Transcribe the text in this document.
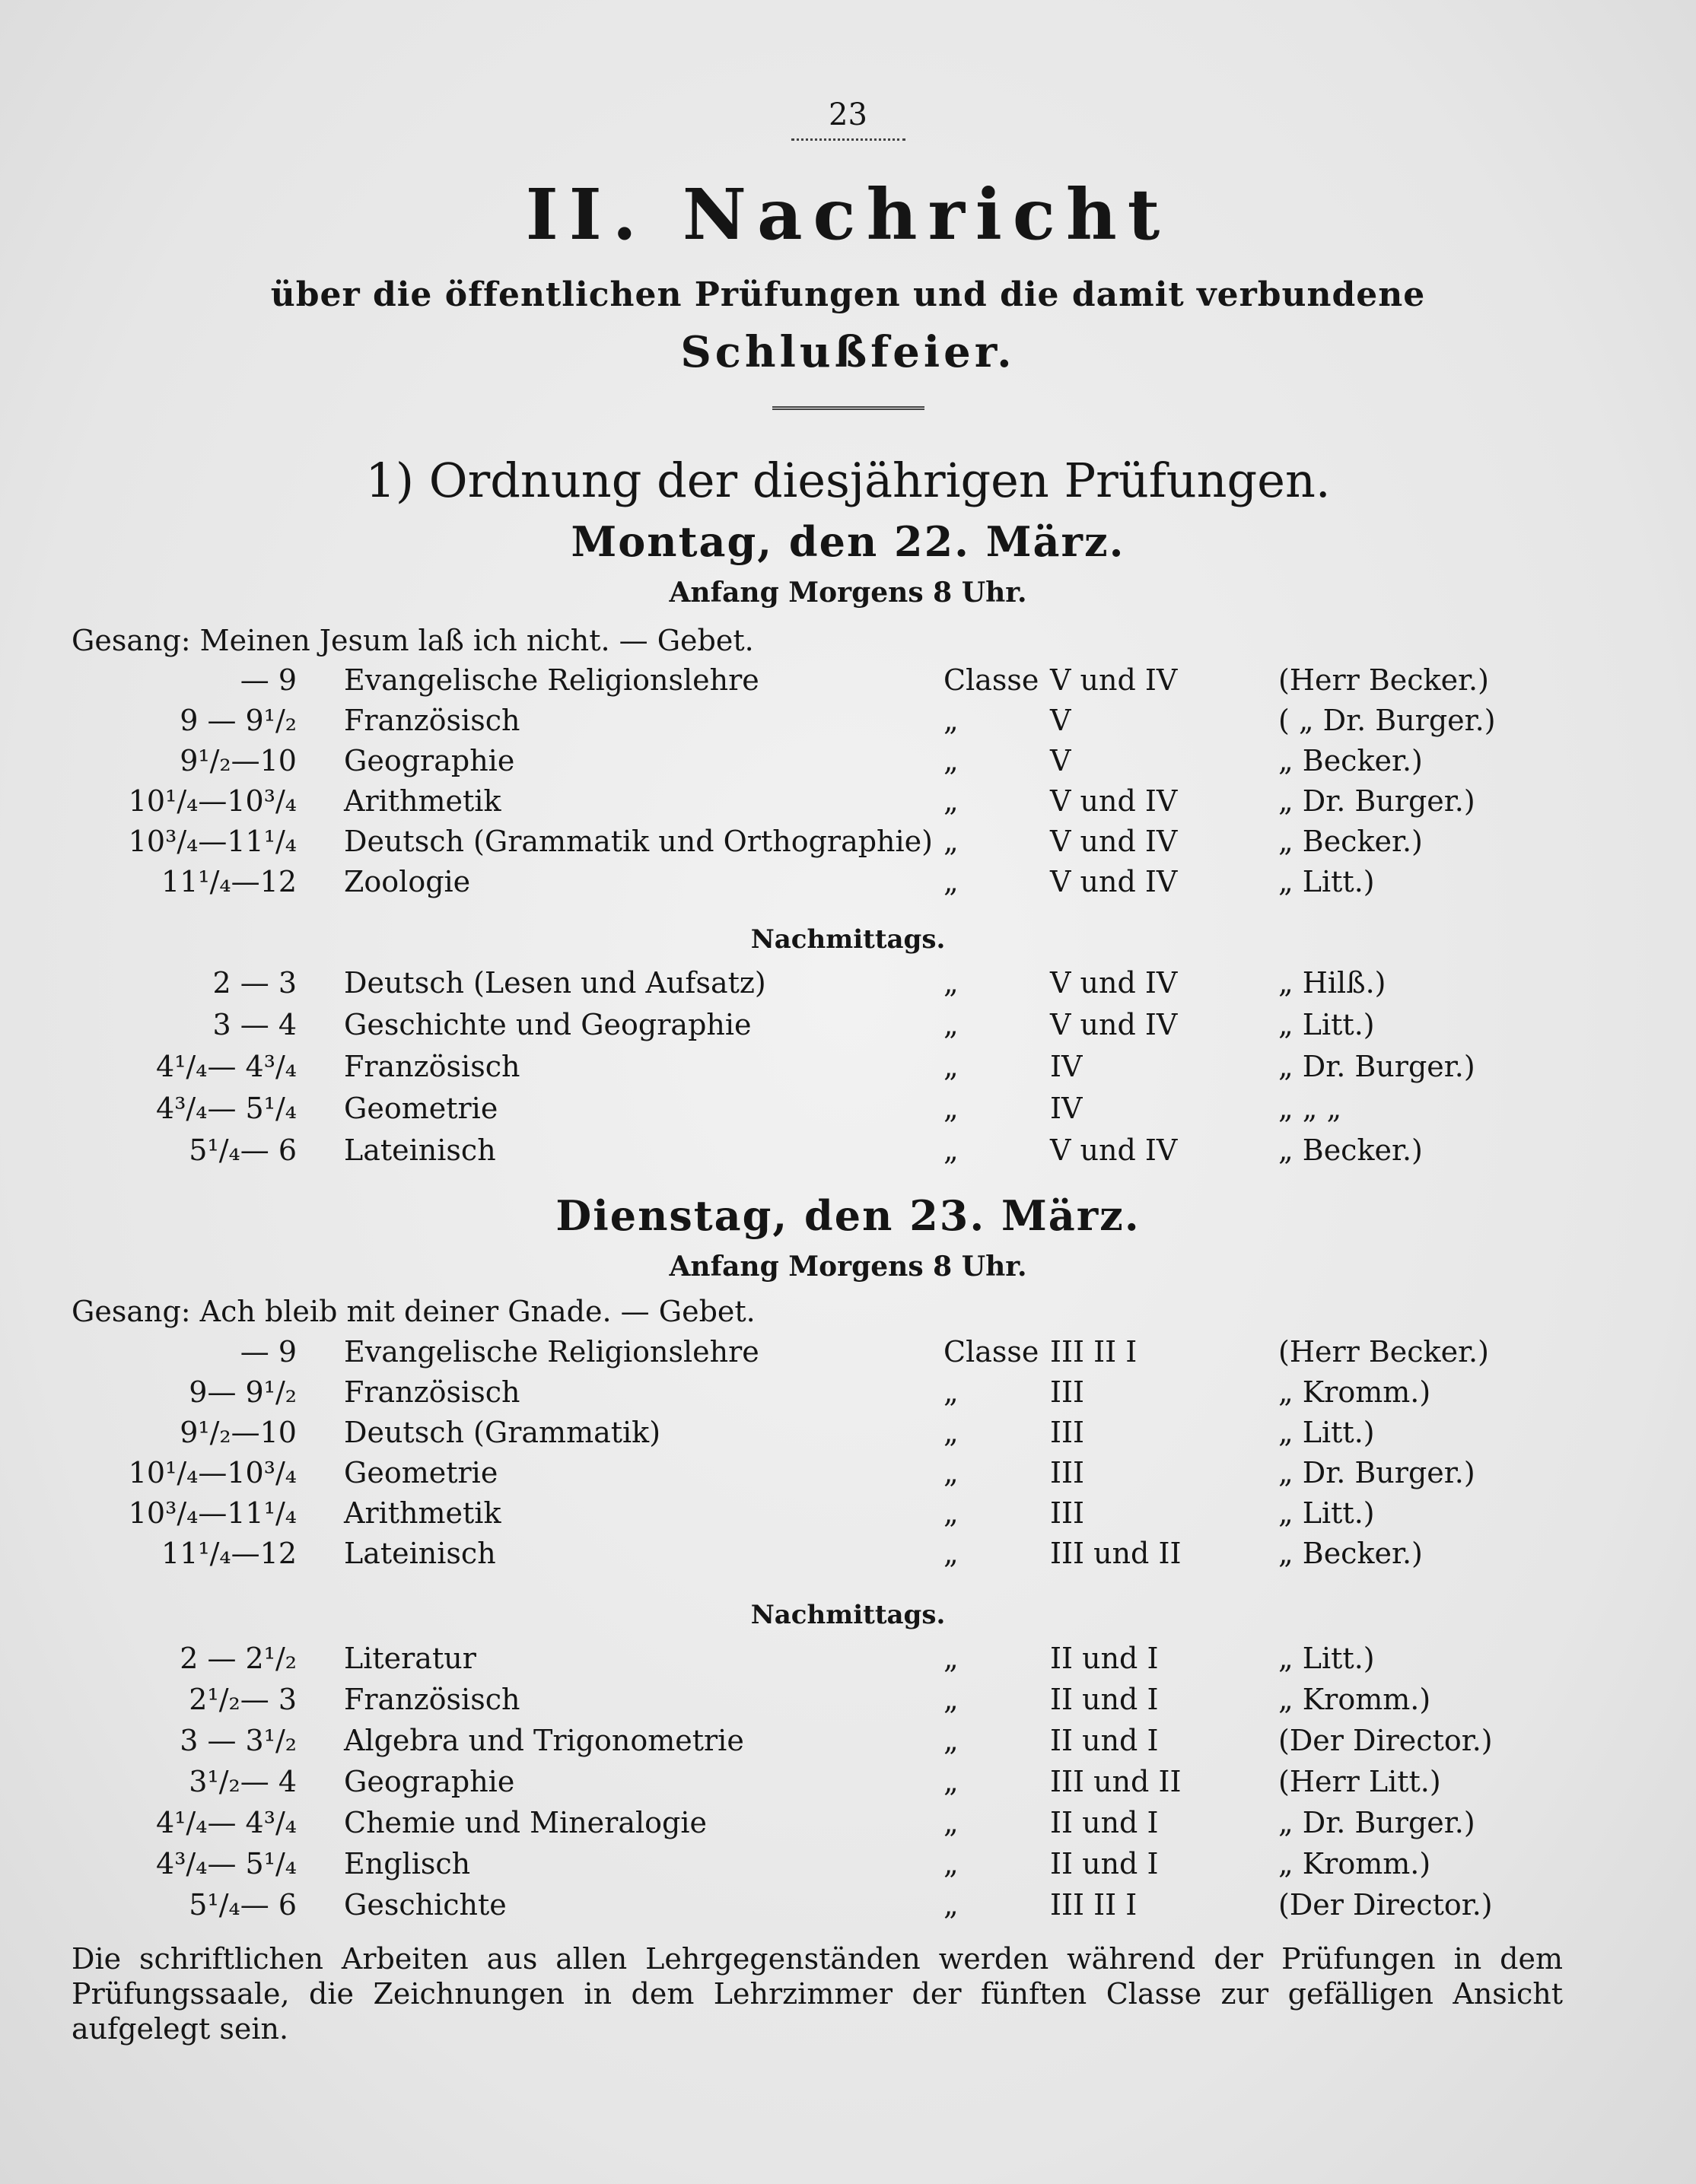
23
II. Nachricht
über die öffentlichen Prüfungen und die damit verbundene
Schlußfeier.
1) Ordnung der diesjährigen Prüfungen.
Montag, den 22. März.
Anfang Morgens 8 Uhr.
Gesang: Meinen Jesum laß ich nicht. — Gebet.
— 9 Evangelische Religionslehre	Classe V und IV	(Herr Becker.)
9 — 9¹/₂ Französisch	„	V	( „ Dr. Burger.)
9¹/₂—10 Geographie	„	V	„ Becker.)
10¹/₄—10³/₄ Arithmetik	„	V und IV	„ Dr. Burger.)
10³/₄—11¹/₄ Deutsch (Grammatik und Orthographie) „	V und IV	„ Becker.)
11¹/₄—12 Zoologie	„	V und IV	„ Litt.)
Nachmittags.
2 — 3 Deutsch (Lesen und Aufsatz)	„	V und IV	„ Hilß.)
3 — 4 Geschichte und Geographie	„	V und IV	„ Litt.)
4¹/₄— 4³/₄ Französisch	„	IV	„ Dr. Burger.)
4³/₄— 5¹/₄ Geometrie	„	IV	„ „ „
5¹/₄— 6 Lateinisch	„	V und IV	„ Becker.)
Dienstag, den 23. März.
Anfang Morgens 8 Uhr.
Gesang: Ach bleib mit deiner Gnade. — Gebet.
— 9 Evangelische Religionslehre	Classe III II I	(Herr Becker.)
9— 9¹/₂ Französisch	„	III	„ Kromm.)
9¹/₂—10 Deutsch (Grammatik)	„	III	„ Litt.)
10¹/₄—10³/₄ Geometrie	„	III	„ Dr. Burger.)
10³/₄—11¹/₄ Arithmetik	„	III	„ Litt.)
11¹/₄—12 Lateinisch	„	III und II	„ Becker.)
Nachmittags.
2 — 2¹/₂ Literatur	„	II und I	„ Litt.)
2¹/₂— 3 Französisch	„	II und I	„ Kromm.)
3 — 3¹/₂ Algebra und Trigonometrie	„	II und I	(Der Director.)
3¹/₂— 4 Geographie	„	III und II	(Herr Litt.)
4¹/₄— 4³/₄ Chemie und Mineralogie	„	II und I	„ Dr. Burger.)
4³/₄— 5¹/₄ Englisch	„	II und I	„ Kromm.)
5¹/₄— 6 Geschichte	„	III II I	(Der Director.)
Die schriftlichen Arbeiten aus allen Lehrgegenständen werden während der Prüfungen in dem Prüfungssaale, die Zeichnungen in dem Lehrzimmer der fünften Classe zur gefälligen Ansicht aufgelegt sein.
